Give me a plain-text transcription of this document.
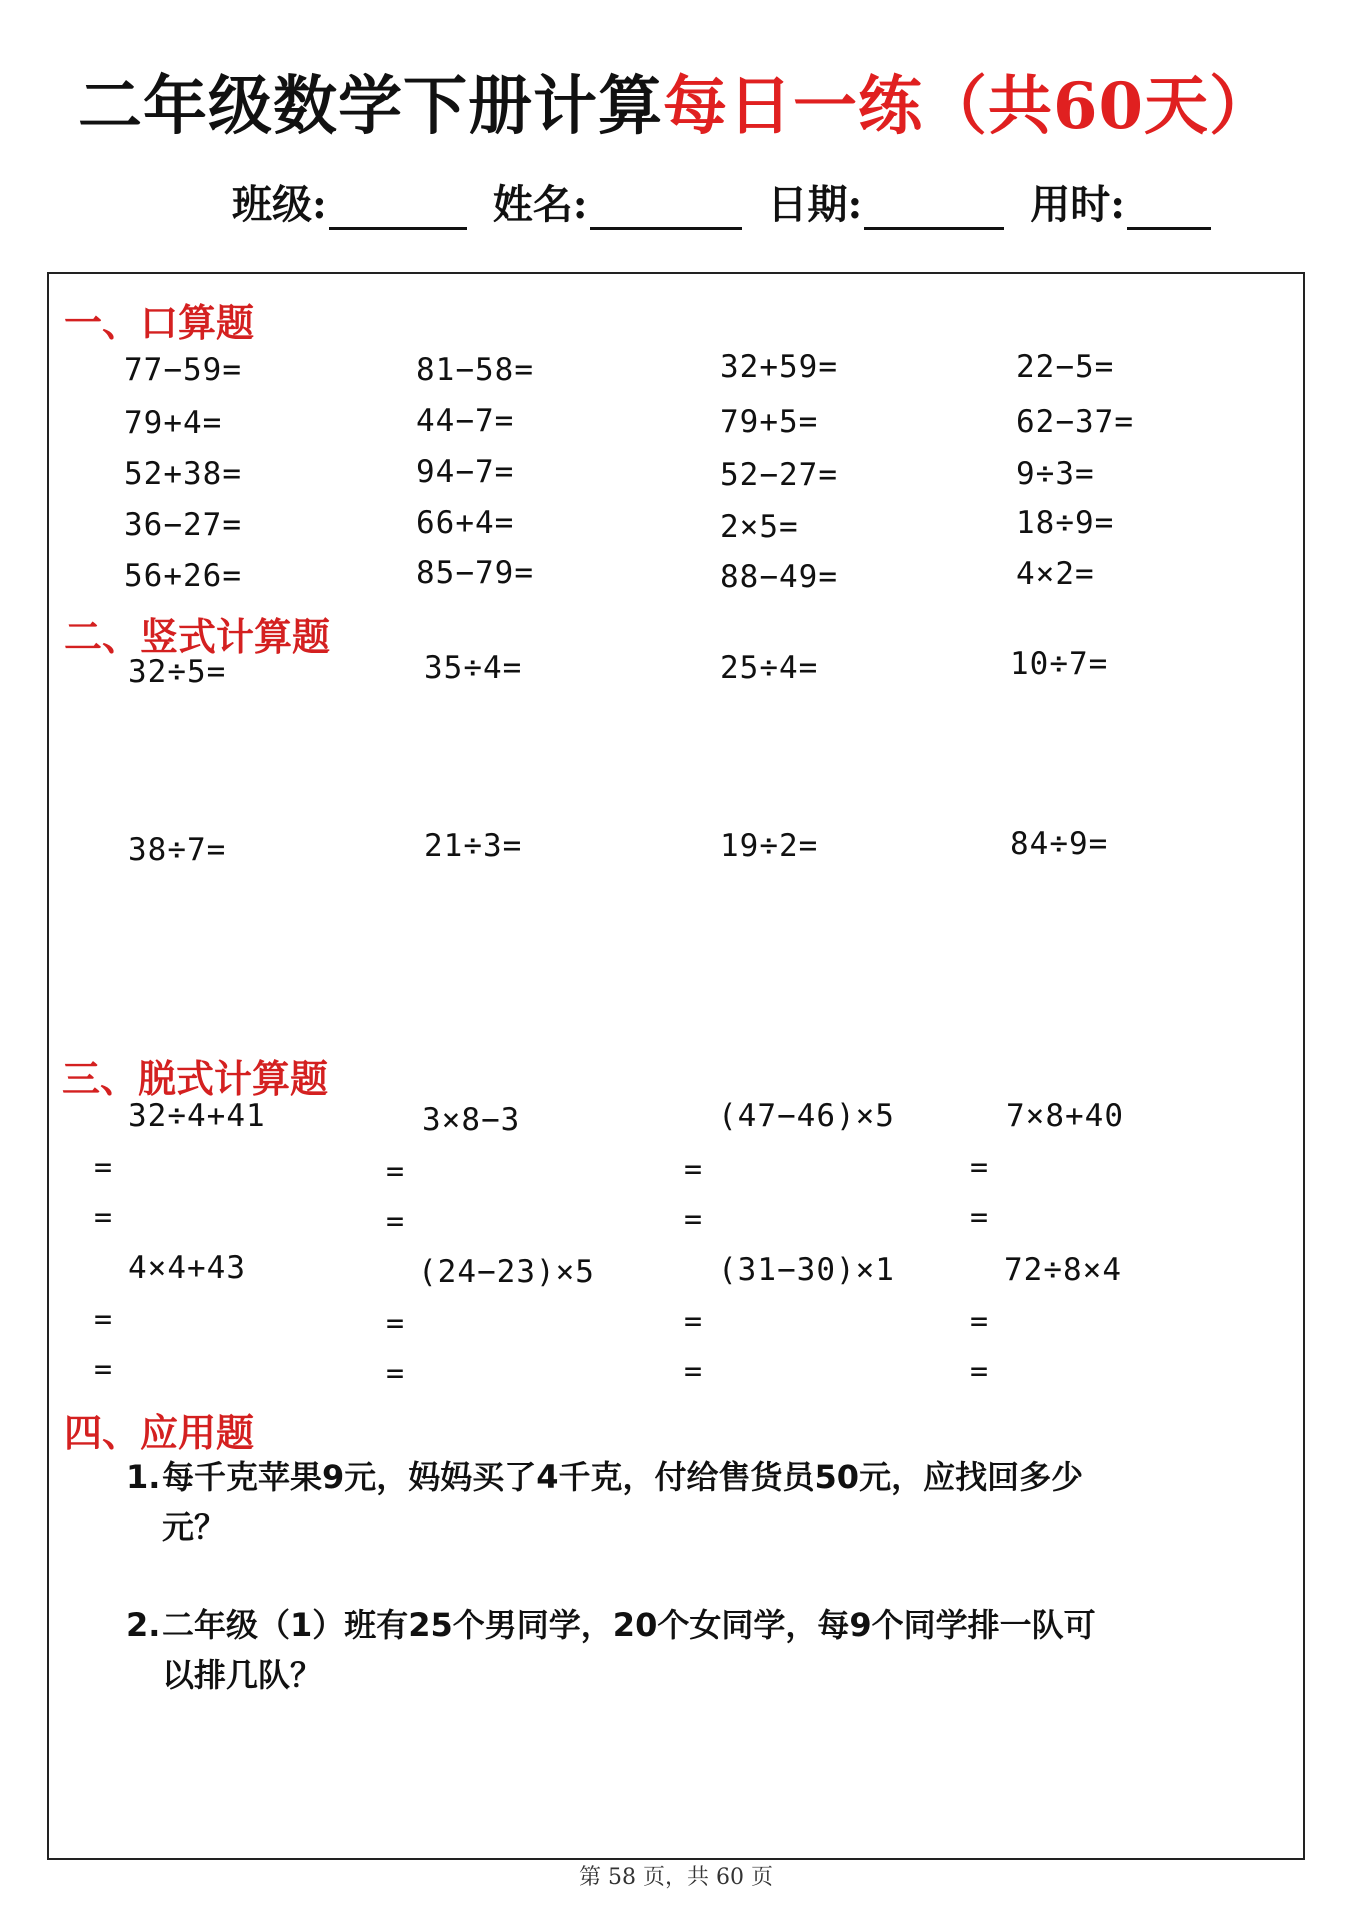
二年级数学下册计算每日一练（共60天）
班级:	姓名:	日期:	用时:
一、口算题
77−59=	81−58=	32+59=	22−5=
79+4=	44−7=	79+5=	62−37=
52+38=	94−7=	52−27=	9÷3=
36−27=	66+4=	2×5=	18÷9=
56+26=	85−79=	88−49=	4×2=
二、竖式计算题
32÷5=	35÷4=	25÷4=	10÷7=
38÷7=	21÷3=	19÷2=	84÷9=
三、脱式计算题
32÷4+41	3×8−3	(47−46)×5	7×8+40
=	=	=	=
=	=	=	=
4×4+43	(24−23)×5	(31−30)×1	72÷8×4
=	=	=	=
=	=	=	=
四、应用题
1.每千克苹果9元，妈妈买了4千克，付给售货员50元，应找回多少
元？
2.二年级（1）班有25个男同学，20个女同学，每9个同学排一队可
以排几队？
第 58 页，共 60 页
